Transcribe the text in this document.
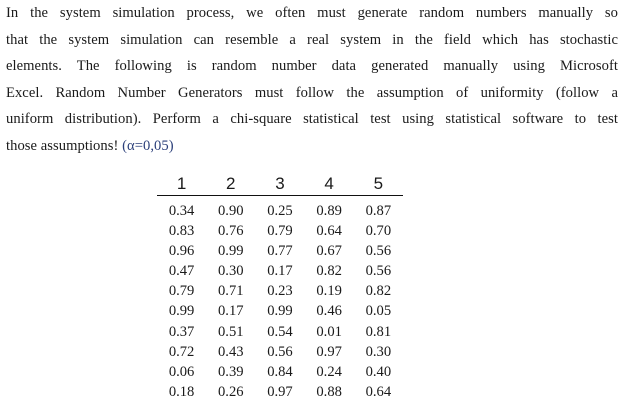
In the system simulation process, we often must generate random numbers manually so
that the system simulation can resemble a real system in the field which has stochastic
elements. The following is random number data generated manually using Microsoft
Excel. Random Number Generators must follow the assumption of uniformity (follow a
uniform distribution). Perform a chi-square statistical test using statistical software to test
those assumptions! (α=0,05)
1	2	3	4	5
0.34	0.90	0.25	0.89	0.87
0.83	0.76	0.79	0.64	0.70
0.96	0.99	0.77	0.67	0.56
0.47	0.30	0.17	0.82	0.56
0.79	0.71	0.23	0.19	0.82
0.99	0.17	0.99	0.46	0.05
0.37	0.51	0.54	0.01	0.81
0.72	0.43	0.56	0.97	0.30
0.06	0.39	0.84	0.24	0.40
0.18	0.26	0.97	0.88	0.64
